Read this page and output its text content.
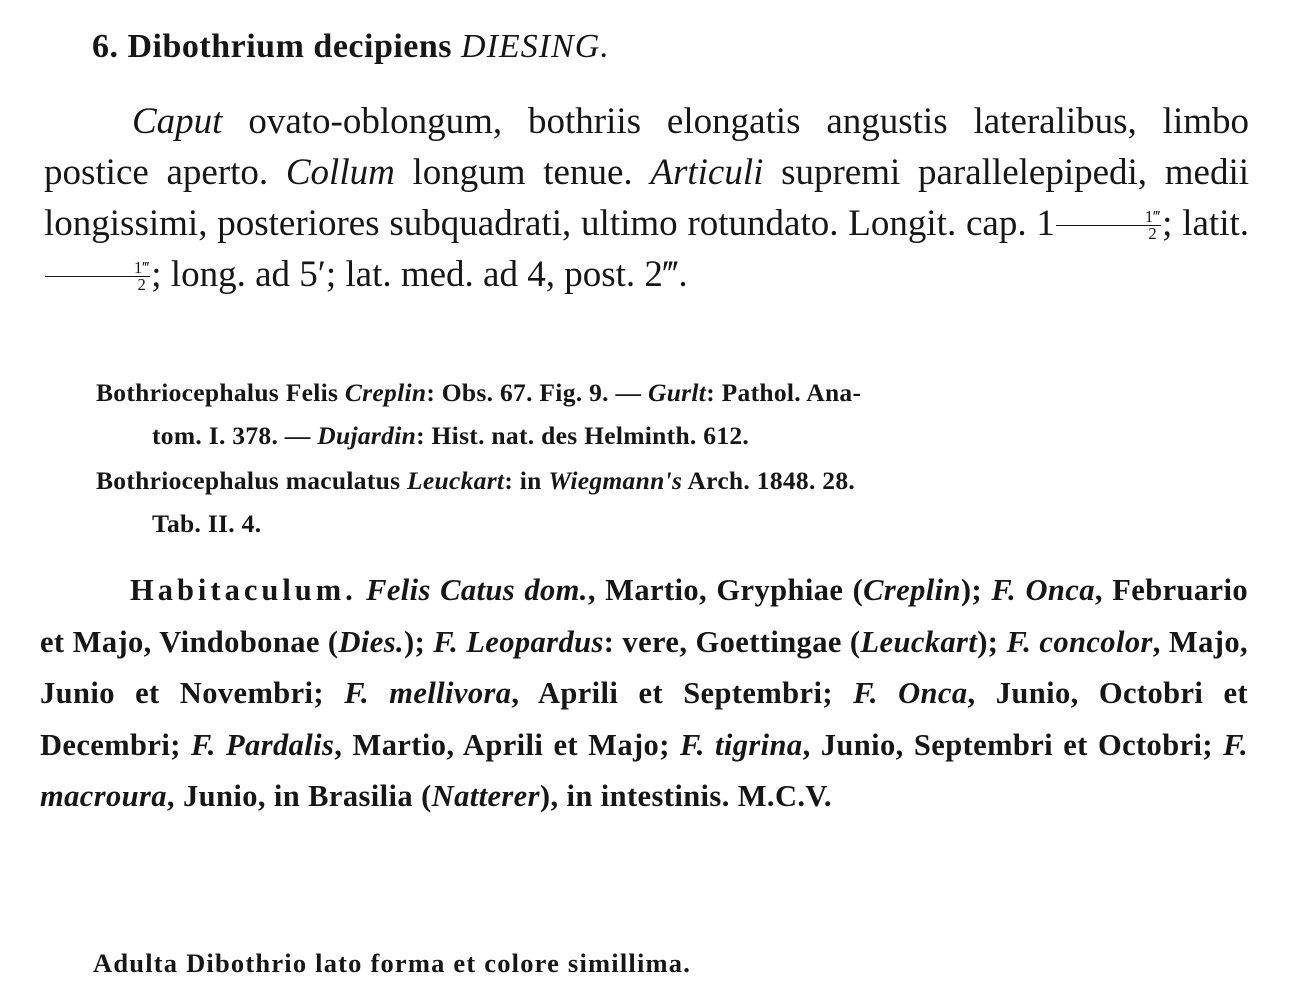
6. Dibothrium decipiens DIESING.

Caput ovato-oblongum, bothriis elongatis angustis lateralibus, limbo postice aperto. Collum longum tenue. Articuli supremi parallelepipedi, medii longissimi, posteriores subquadrati, ultimo rotundato. Longit. cap. $1 \frac{1‴}{2}$ ; latit.
$\frac{1‴}{2}$ ; long. ad 5′; lat. med. ad 4, post. 2‴.

Bothriocephalus Felis Creplin: Obs. 67. Fig. 9. — Gurlt: Pathol. Ana-
tom. I. 378. — Dujardin: Hist. nat. des Helminth. 612.

Bothriocephalus maculatus Leuckart: in Wiegmann's Arch. 1848. 28.
Tab. II. 4.

Habitaculum. Felis Catus dom., Martio, Gryphiae (Creplin); F. Onca, Februario et Majo, Vindobonae (Dies.); F. Leopardus: vere, Goettingae (Leuckart); F. concolor, Majo, Junio et Novembri; F. mellivora, Aprili et Septembri; F. Onca, Junio, Octobri et Decembri; F. Pardalis, Martio, Aprili et Majo; F. tigrina, Junio, Septembri et Octobri; F. macroura, Junio, in Brasilia (Natterer), in intestinis. M.C.V.

Adulta Dibothrio lato forma et colore simillima.
